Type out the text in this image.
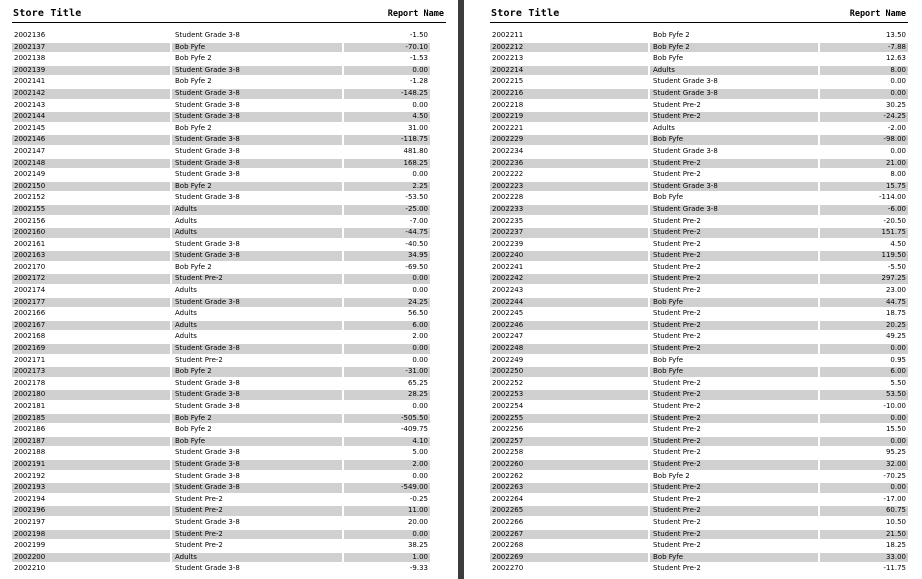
Store Title	Report Name
2002136	Student Grade 3-8	-1.50
2002137	Bob Fyfe	-70.10
2002138	Bob Fyfe 2	-1.53
2002139	Student Grade 3-8	0.00
2002141	Bob Fyfe 2	-1.28
2002142	Student Grade 3-8	-148.25
2002143	Student Grade 3-8	0.00
2002144	Student Grade 3-8	4.50
2002145	Bob Fyfe 2	31.00
2002146	Student Grade 3-8	-118.75
2002147	Student Grade 3-8	481.80
2002148	Student Grade 3-8	168.25
2002149	Student Grade 3-8	0.00
2002150	Bob Fyfe 2	2.25
2002152	Student Grade 3-8	-53.50
2002155	Adults	-25.00
2002156	Adults	-7.00
2002160	Adults	-44.75
2002161	Student Grade 3-8	-40.50
2002163	Student Grade 3-8	34.95
2002170	Bob Fyfe 2	-69.50
2002172	Student Pre-2	0.00
2002174	Adults	0.00
2002177	Student Grade 3-8	24.25
2002166	Adults	56.50
2002167	Adults	6.00
2002168	Adults	2.00
2002169	Student Grade 3-8	0.00
2002171	Student Pre-2	0.00
2002173	Bob Fyfe 2	-31.00
2002178	Student Grade 3-8	65.25
2002180	Student Grade 3-8	28.25
2002181	Student Grade 3-8	0.00
2002185	Bob Fyfe 2	-505.50
2002186	Bob Fyfe 2	-409.75
2002187	Bob Fyfe	4.10
2002188	Student Grade 3-8	5.00
2002191	Student Grade 3-8	2.00
2002192	Student Grade 3-8	0.00
2002193	Student Grade 3-8	-549.00
2002194	Student Pre-2	-0.25
2002196	Student Pre-2	11.00
2002197	Student Grade 3-8	20.00
2002198	Student Pre-2	0.00
2002199	Student Pre-2	38.25
2002200	Adults	1.00
2002210	Student Grade 3-8	-9.33
Store Title	Report Name
2002211	Bob Fyfe 2	13.50
2002212	Bob Fyfe 2	-7.88
2002213	Bob Fyfe	12.63
2002214	Adults	8.00
2002215	Student Grade 3-8	0.00
2002216	Student Grade 3-8	0.00
2002218	Student Pre-2	30.25
2002219	Student Pre-2	-24.25
2002221	Adults	-2.00
2002229	Bob Fyfe	-98.00
2002234	Student Grade 3-8	0.00
2002236	Student Pre-2	21.00
2002222	Student Pre-2	8.00
2002223	Student Grade 3-8	15.75
2002228	Bob Fyfe	-114.00
2002233	Student Grade 3-8	-6.00
2002235	Student Pre-2	-20.50
2002237	Student Pre-2	151.75
2002239	Student Pre-2	4.50
2002240	Student Pre-2	119.50
2002241	Student Pre-2	-5.50
2002242	Student Pre-2	297.25
2002243	Student Pre-2	23.00
2002244	Bob Fyfe	44.75
2002245	Student Pre-2	18.75
2002246	Student Pre-2	20.25
2002247	Student Pre-2	49.25
2002248	Student Pre-2	0.00
2002249	Bob Fyfe	0.95
2002250	Bob Fyfe	6.00
2002252	Student Pre-2	5.50
2002253	Student Pre-2	53.50
2002254	Student Pre-2	-10.00
2002255	Student Pre-2	0.00
2002256	Student Pre-2	15.50
2002257	Student Pre-2	0.00
2002258	Student Pre-2	95.25
2002260	Student Pre-2	32.00
2002262	Bob Fyfe 2	-70.25
2002263	Student Pre-2	0.00
2002264	Student Pre-2	-17.00
2002265	Student Pre-2	60.75
2002266	Student Pre-2	10.50
2002267	Student Pre-2	21.50
2002268	Student Pre-2	18.25
2002269	Bob Fyfe	33.00
2002270	Student Pre-2	-11.75
